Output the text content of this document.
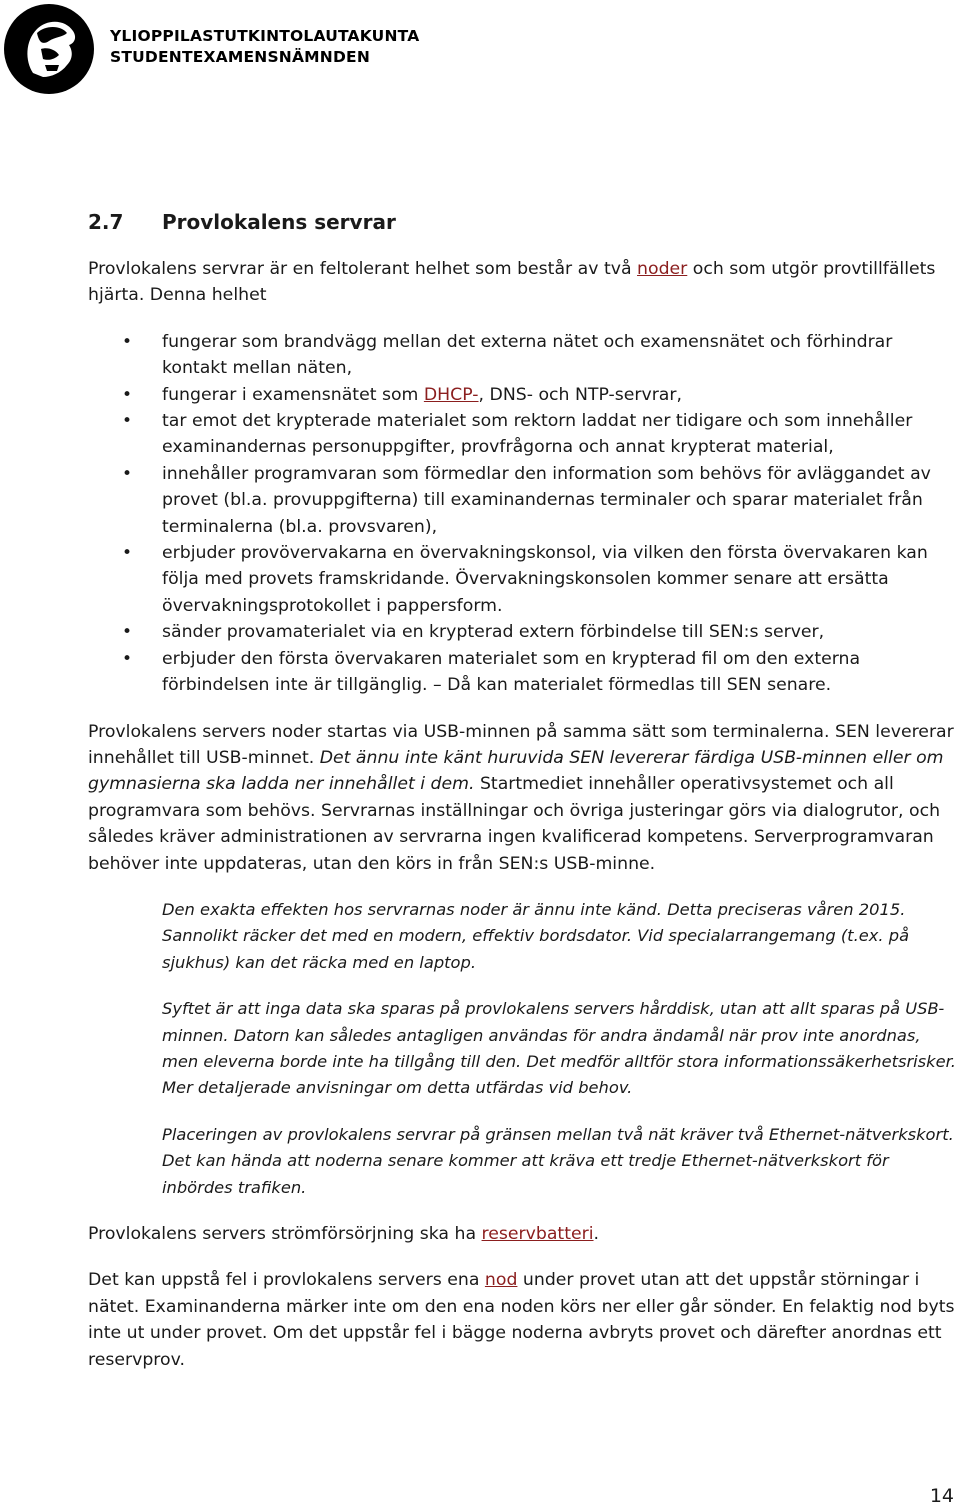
YLIOPPILASTUTKINTOLAUTAKUNTA
STUDENTEXAMENSNÄMNDEN
2.7 Provlokalens servrar

Provlokalens servrar är en feltolerant helhet som består av två noder och som utgör provtillfällets hjärta. Denna helhet

• fungerar som brandvägg mellan det externa nätet och examensnätet och förhindrar kontakt mellan näten,
• fungerar i examensnätet som DHCP-, DNS- och NTP-servrar,
• tar emot det krypterade materialet som rektorn laddat ner tidigare och som innehåller examinandernas personuppgifter, provfrågorna och annat krypterat material,
• innehåller programvaran som förmedlar den information som behövs för avläggandet av provet (bl.a. provuppgifterna) till examinandernas terminaler och sparar materialet från terminalerna (bl.a. provsvaren),
• erbjuder provövervakarna en övervakningskonsol, via vilken den första övervakaren kan följa med provets framskridande. Övervakningskonsolen kommer senare att ersätta övervakningsprotokollet i pappersform.
• sänder provamaterialet via en krypterad extern förbindelse till SEN:s server,
• erbjuder den första övervakaren materialet som en krypterad fil om den externa förbindelsen inte är tillgänglig. – Då kan materialet förmedlas till SEN senare.

Provlokalens servers noder startas via USB-minnen på samma sätt som terminalerna. SEN levererar innehållet till USB-minnet. Det ännu inte känt huruvida SEN levererar färdiga USB-minnen eller om gymnasierna ska ladda ner innehållet i dem. Startmediet innehåller operativsystemet och all programvara som behövs. Servrarnas inställningar och övriga justeringar görs via dialogrutor, och således kräver administrationen av servrarna ingen kvalificerad kompetens. Serverprogramvaran behöver inte uppdateras, utan den körs in från SEN:s USB-minne.

Den exakta effekten hos servrarnas noder är ännu inte känd. Detta preciseras våren 2015. Sannolikt räcker det med en modern, effektiv bordsdator. Vid specialarrangemang (t.ex. på sjukhus) kan det räcka med en laptop.

Syftet är att inga data ska sparas på provlokalens servers hårddisk, utan att allt sparas på USB-minnen. Datorn kan således antagligen användas för andra ändamål när prov inte anordnas, men eleverna borde inte ha tillgång till den. Det medför alltför stora informationssäkerhetsrisker. Mer detaljerade anvisningar om detta utfärdas vid behov.

Placeringen av provlokalens servrar på gränsen mellan två nät kräver två Ethernet-nätverkskort. Det kan hända att noderna senare kommer att kräva ett tredje Ethernet-nätverkskort för inbördes trafiken.

Provlokalens servers strömförsörjning ska ha reservbatteri.

Det kan uppstå fel i provlokalens servers ena nod under provet utan att det uppstår störningar i nätet. Examinanderna märker inte om den ena noden körs ner eller går sönder. En felaktig nod byts inte ut under provet. Om det uppstår fel i bägge noderna avbryts provet och därefter anordnas ett reservprov.

14
